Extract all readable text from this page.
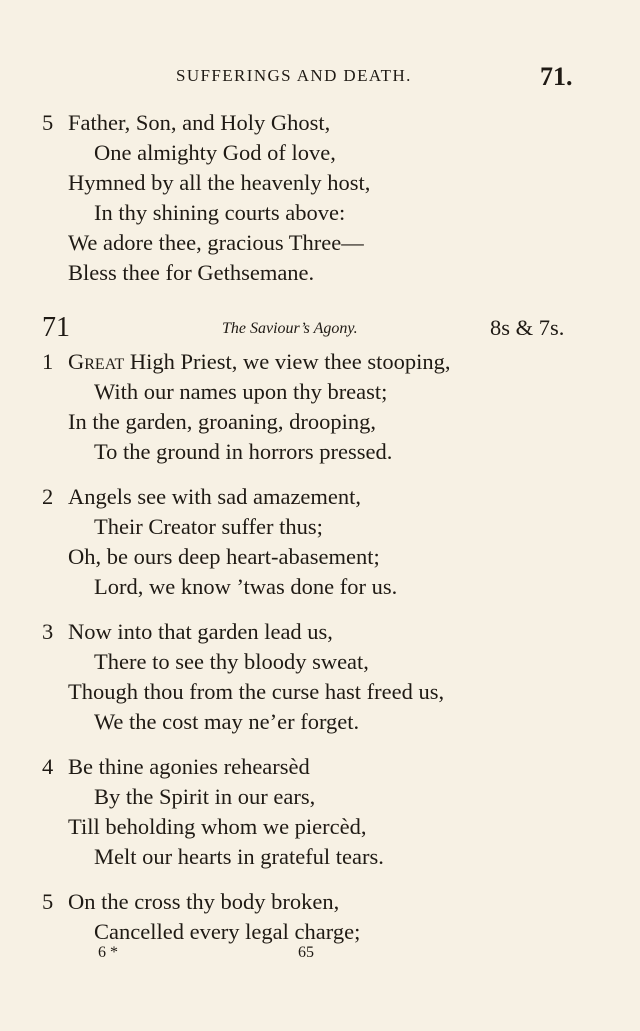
SUFFERINGS AND DEATH.	71.
5 Father, Son, and Holy Ghost,
One almighty God of love,
Hymned by all the heavenly host,
In thy shining courts above:
We adore thee, gracious Three—
Bless thee for Gethsemane.
71	The Saviour’s Agony.	8s & 7s.
1 Great High Priest, we view thee stooping,
With our names upon thy breast;
In the garden, groaning, drooping,
To the ground in horrors pressed.
2 Angels see with sad amazement,
Their Creator suffer thus;
Oh, be ours deep heart-abasement;
Lord, we know ’twas done for us.
3 Now into that garden lead us,
There to see thy bloody sweat,
Though thou from the curse hast freed us,
We the cost may ne’er forget.
4 Be thine agonies rehearsèd
By the Spirit in our ears,
Till beholding whom we piercèd,
Melt our hearts in grateful tears.
5 On the cross thy body broken,
Cancelled every legal charge;
6 *	65
